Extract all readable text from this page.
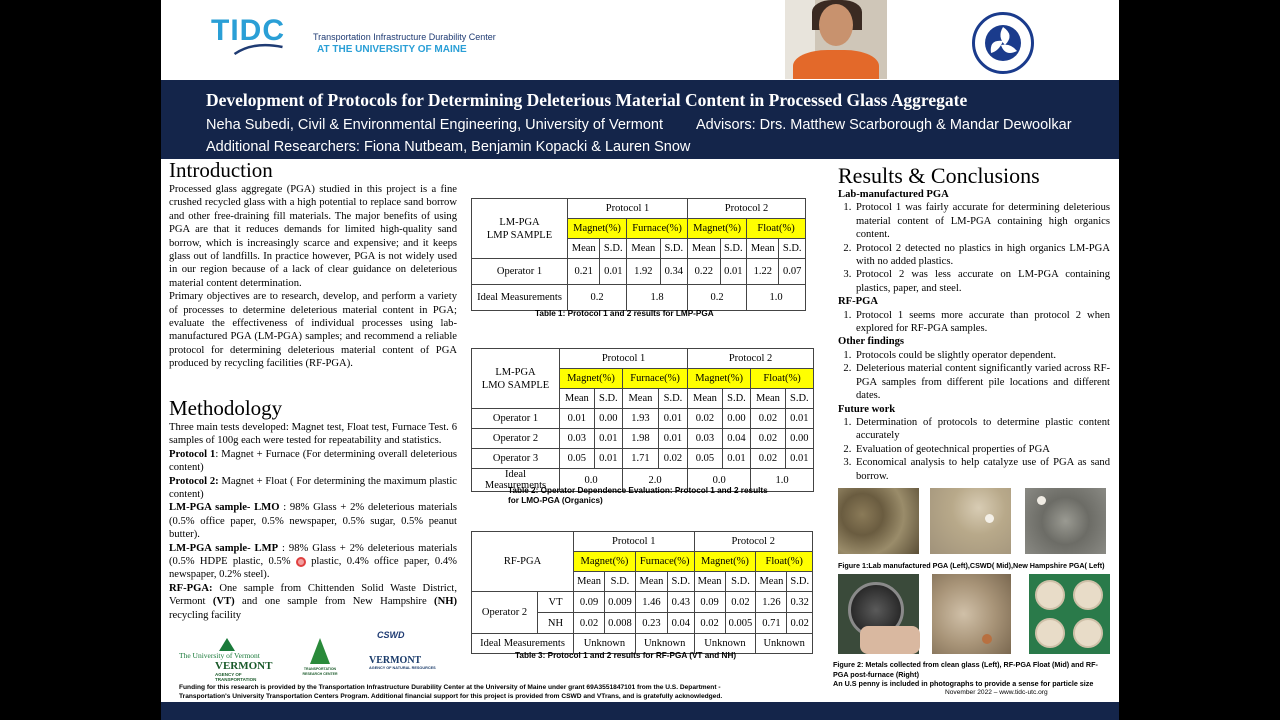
TIDC	Transportation Infrastructure Durability Center
AT THE UNIVERSITY OF MAINE
Development of Protocols for Determining Deleterious Material Content in Processed Glass Aggregate
Neha Subedi, Civil & Environmental Engineering, University of Vermont Advisors: Drs. Matthew Scarborough & Mandar Dewoolkar
Additional Researchers: Fiona Nutbeam, Benjamin Kopacki & Lauren Snow
Introduction

Processed glass aggregate (PGA) studied in this project is a fine crushed recycled glass with a high potential to replace sand borrow and other free-draining fill materials. The major benefits of using PGA are that it reduces demands for limited high-quality sand borrow, which is increasingly scarce and expensive; and it keeps glass out of landfills. In practice however, PGA is not widely used in our region because of a lack of clear guidance on deleterious material content determination.

Primary objectives are to research, develop, and perform a variety of processes to determine deleterious material content in PGA; evaluate the effectiveness of individual processes using lab-manufactured PGA (LM-PGA) samples; and recommend a reliable protocol for determining deleterious material content of PGA produced by recycling facilities (RF-PGA).

Methodology

Three main tests developed: Magnet test, Float test, Furnace Test. 6 samples of 100g each were tested for repeatability and statistics.

Protocol 1: Magnet + Furnace (For determining overall deleterious content)

Protocol 2: Magnet + Float ( For determining the maximum plastic content)

LM-PGA sample- LMO : 98% Glass + 2% deleterious materials (0.5% office paper, 0.5% newspaper, 0.5% sugar, 0.5% peanut butter).

LM-PGA sample- LMP : 98% Glass + 2% deleterious materials (0.5% HDPE plastic, 0.5%  plastic, 0.4% office paper, 0.4% newspaper, 0.2% steel).

RF-PGA: One sample from Chittenden Solid Waste District, Vermont (VT) and one sample from New Hampshire (NH) recycling facility

The University of Vermont
VERMONT
AGENCY OF TRANSPORTATION
TRANSPORTATION RESEARCH CENTER
CSWD
VERMONT
AGENCY OF NATURAL RESOURCES
LM-PGA
LMP SAMPLE	Protocol 1				Protocol 2			
	Magnet(%)		Furnace(%)		Magnet(%)		Float(%)	
	Mean	S.D.	Mean	S.D.	Mean	S.D.	Mean	S.D.
Operator 1	0.21	0.01	1.92	0.34	0.22	0.01	1.22	0.07
Ideal Measurements	0.2		1.8		0.2		1.0	
Table 1: Protocol 1 and 2 results for LMP-PGA
LM-PGA
LMO SAMPLE	Protocol 1				Protocol 2			
	Magnet(%)		Furnace(%)		Magnet(%)		Float(%)	
	Mean	S.D.	Mean	S.D.	Mean	S.D.	Mean	S.D.
Operator 1	0.01	0.00	1.93	0.01	0.02	0.00	0.02	0.01
Operator 2	0.03	0.01	1.98	0.01	0.03	0.04	0.02	0.00
Operator 3	0.05	0.01	1.71	0.02	0.05	0.01	0.02	0.01
Ideal Measurements	0.0		2.0		0.0		1.0	
Table 2: Operator Dependence Evaluation: Protocol 1 and 2 results
for LMO-PGA (Organics)
RF-PGA		Protocol 1				Protocol 2			
		Magnet(%)		Furnace(%)		Magnet(%)		Float(%)	
		Mean	S.D.	Mean	S.D.	Mean	S.D.	Mean	S.D.
Operator 2	VT	0.09	0.009	1.46	0.43	0.09	0.02	1.26	0.32
	NH	0.02	0.008	0.23	0.04	0.02	0.005	0.71	0.02
Ideal Measurements		Unknown		Unknown		Unknown		Unknown	
Table 3: Protocol 1 and 2 results for RF-PGA (VT and NH)
Results & Conclusions
Lab-manufactured PGA
1. Protocol 1 was fairly accurate for determining deleterious material content of LM-PGA containing high organics content.
2. Protocol 2 detected no plastics in high organics LM-PGA with no added plastics.
3. Protocol 2 was less accurate on LM-PGA containing plastics, paper, and steel.
RF-PGA
1. Protocol 1 seems more accurate than protocol 2 when explored for RF-PGA samples.
Other findings
1. Protocols could be slightly operator dependent.
2. Deleterious material content significantly varied across RF-PGA samples from different pile locations and different dates.
Future work
1. Determination of protocols to determine plastic content accurately
2. Evaluation of geotechnical properties of PGA
3. Economical analysis to help catalyze use of PGA as sand borrow.
Figure 1:Lab manufactured PGA (Left),CSWD( Mid),New Hampshire PGA( Left)
Figure 2: Metals collected from clean glass (Left), RF-PGA Float (Mid) and RF-
PGA post-furnace (Right)
An U.S penny is included in photographs to provide a sense for particle size
Funding for this research is provided by the Transportation Infrastructure Durability Center at the University of Maine under grant 69A3551847101 from the U.S. Department -
Transportation's University Transportation Centers Program. Additional financial support for this project is provided from CSWD and VTrans, and is gratefully acknowledged.
November 2022 – www.tidc-utc.org
